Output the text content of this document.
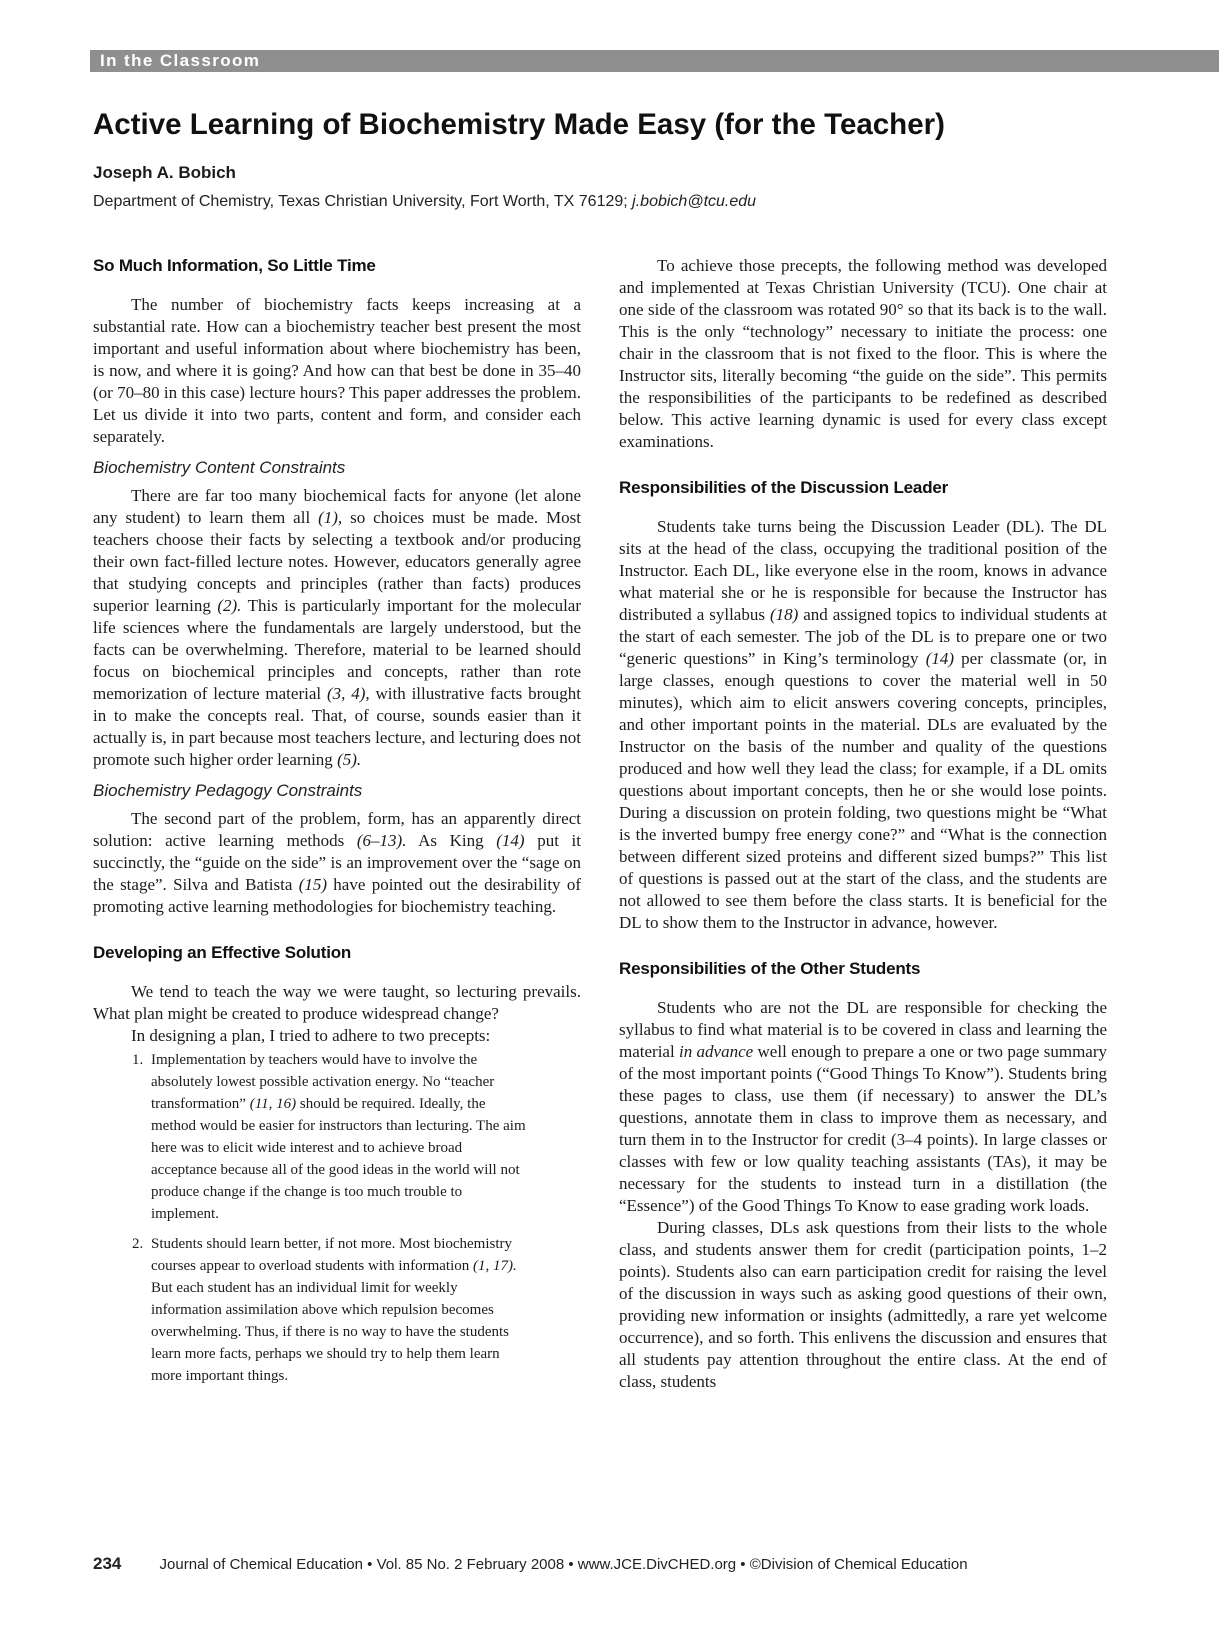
In the Classroom
Active Learning of Biochemistry Made Easy (for the Teacher)
Joseph A. Bobich
Department of Chemistry, Texas Christian University, Fort Worth, TX 76129; j.bobich@tcu.edu
So Much Information, So Little Time

The number of biochemistry facts keeps increasing at a substantial rate. How can a biochemistry teacher best present the most important and useful information about where biochemistry has been, is now, and where it is going? And how can that best be done in 35–40 (or 70–80 in this case) lecture hours? This paper addresses the problem. Let us divide it into two parts, content and form, and consider each separately.

Biochemistry Content Constraints

There are far too many biochemical facts for anyone (let alone any student) to learn them all (1), so choices must be made. Most teachers choose their facts by selecting a textbook and/or producing their own fact-filled lecture notes. However, educators generally agree that studying concepts and principles (rather than facts) produces superior learning (2). This is particularly important for the molecular life sciences where the fundamentals are largely understood, but the facts can be overwhelming. Therefore, material to be learned should focus on biochemical principles and concepts, rather than rote memorization of lecture material (3, 4), with illustrative facts brought in to make the concepts real. That, of course, sounds easier than it actually is, in part because most teachers lecture, and lecturing does not promote such higher order learning (5).

Biochemistry Pedagogy Constraints

The second part of the problem, form, has an apparently direct solution: active learning methods (6–13). As King (14) put it succinctly, the “guide on the side” is an improvement over the “sage on the stage”. Silva and Batista (15) have pointed out the desirability of promoting active learning methodologies for biochemistry teaching.

Developing an Effective Solution

We tend to teach the way we were taught, so lecturing prevails. What plan might be created to produce widespread change?

In designing a plan, I tried to adhere to two precepts:

1. Implementation by teachers would have to involve the absolutely lowest possible activation energy. No “teacher transformation” (11, 16) should be required. Ideally, the method would be easier for instructors than lecturing. The aim here was to elicit wide interest and to achieve broad acceptance because all of the good ideas in the world will not produce change if the change is too much trouble to implement.
2. Students should learn better, if not more. Most biochemistry courses appear to overload students with information (1, 17). But each student has an individual limit for weekly information assimilation above which repulsion becomes overwhelming. Thus, if there is no way to have the students learn more facts, perhaps we should try to help them learn more important things.

To achieve those precepts, the following method was developed and implemented at Texas Christian University (TCU). One chair at one side of the classroom was rotated 90° so that its back is to the wall. This is the only “technology” necessary to initiate the process: one chair in the classroom that is not fixed to the floor. This is where the Instructor sits, literally becoming “the guide on the side”. This permits the responsibilities of the participants to be redefined as described below. This active learning dynamic is used for every class except examinations.

Responsibilities of the Discussion Leader

Students take turns being the Discussion Leader (DL). The DL sits at the head of the class, occupying the traditional position of the Instructor. Each DL, like everyone else in the room, knows in advance what material she or he is responsible for because the Instructor has distributed a syllabus (18) and assigned topics to individual students at the start of each semester. The job of the DL is to prepare one or two “generic questions” in King’s terminology (14) per classmate (or, in large classes, enough questions to cover the material well in 50 minutes), which aim to elicit answers covering concepts, principles, and other important points in the material. DLs are evaluated by the Instructor on the basis of the number and quality of the questions produced and how well they lead the class; for example, if a DL omits questions about important concepts, then he or she would lose points. During a discussion on protein folding, two questions might be “What is the inverted bumpy free energy cone?” and “What is the connection between different sized proteins and different sized bumps?” This list of questions is passed out at the start of the class, and the students are not allowed to see them before the class starts. It is beneficial for the DL to show them to the Instructor in advance, however.

Responsibilities of the Other Students

Students who are not the DL are responsible for checking the syllabus to find what material is to be covered in class and learning the material in advance well enough to prepare a one or two page summary of the most important points (“Good Things To Know”). Students bring these pages to class, use them (if necessary) to answer the DL’s questions, annotate them in class to improve them as necessary, and turn them in to the Instructor for credit (3–4 points). In large classes or classes with few or low quality teaching assistants (TAs), it may be necessary for the students to instead turn in a distillation (the “Essence”) of the Good Things To Know to ease grading work loads.

During classes, DLs ask questions from their lists to the whole class, and students answer them for credit (participation points, 1–2 points). Students also can earn participation credit for raising the level of the discussion in ways such as asking good questions of their own, providing new information or insights (admittedly, a rare yet welcome occurrence), and so forth. This enlivens the discussion and ensures that all students pay attention throughout the entire class. At the end of class, students

234	Journal of Chemical Education • Vol. 85 No. 2 February 2008 • www.JCE.DivCHED.org • ©Division of Chemical Education
